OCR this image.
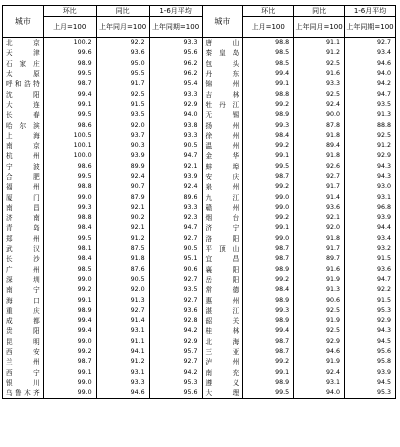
城市	环比	同比	1-6月平均	城市	环比	同比	1-6月平均
	上月=100	上年同月=100	上年同期=100		上月=100	上年同月=100	上年同期=100
北　京	100.2	92.2	93.3	唐　山	98.8	91.1	92.7
天　津	99.6	93.6	95.6	秦皇岛	98.5	91.2	93.4
石家庄	98.9	95.0	96.2	包　头	98.5	92.5	94.6
太　原	99.5	95.5	96.2	丹　东	99.4	91.6	94.0
呼和浩特	98.7	91.7	95.4	锦　州	99.1	93.3	94.2
沈　阳	99.4	92.5	93.3	吉　林	98.8	92.5	94.7
大　连	99.1	91.5	92.9	牡丹江	99.2	92.4	93.5
长　春	99.5	93.5	94.0	无　锡	98.9	90.0	91.3
哈尔滨	98.6	92.0	93.8	扬　州	99.3	87.8	88.8
上　海	100.5	93.7	93.3	徐　州	98.4	91.8	92.5
南　京	100.1	90.3	90.5	温　州	99.2	89.4	91.2
杭　州	100.0	93.9	94.7	金　华	99.1	91.8	92.9
宁　波	98.6	89.9	92.1	蚌　埠	99.5	92.6	94.3
合　肥	99.5	92.4	93.9	安　庆	98.7	92.7	94.3
福　州	98.8	90.7	92.4	泉　州	99.2	91.7	93.0
厦　门	99.0	87.9	89.6	九　江	99.0	91.4	93.1
南　昌	99.3	92.1	93.3	赣　州	99.0	93.6	96.8
济　南	98.8	90.2	92.3	烟　台	99.2	92.1	93.9
青　岛	98.4	92.1	94.7	济　宁	99.1	92.0	94.4
郑　州	99.5	91.2	92.7	洛　阳	99.0	91.8	93.4
武　汉	98.1	87.5	90.5	平顶山	98.7	91.7	93.2
长　沙	98.4	91.8	95.1	宜　昌	98.7	89.7	91.5
广　州	98.5	87.6	90.6	襄　阳	98.9	91.6	93.6
深　圳	99.0	90.5	92.7	岳　阳	99.2	91.9	94.7
南　宁	99.2	92.0	93.5	常　德	98.4	91.3	92.2
海　口	99.1	91.3	92.7	惠　州	98.9	90.6	91.5
重　庆	98.9	92.7	93.6	湛　江	99.3	92.5	95.3
成　都	99.4	91.4	92.8	韶　关	98.9	91.9	92.9
贵　阳	99.4	93.1	94.2	桂　林	99.4	92.5	94.3
昆　明	99.0	91.1	92.9	北　海	98.7	92.9	94.5
西　安	99.2	94.1	95.7	三　亚	98.7	94.6	95.6
兰　州	98.7	91.2	92.7	泸　州	99.2	91.9	95.8
西　宁	99.1	93.1	94.2	南　充	99.1	92.4	93.9
银　川	99.0	93.3	95.3	遵　义	98.9	93.1	94.5
乌鲁木齐	99.0	94.6	95.6	大　理	99.5	94.0	95.3
